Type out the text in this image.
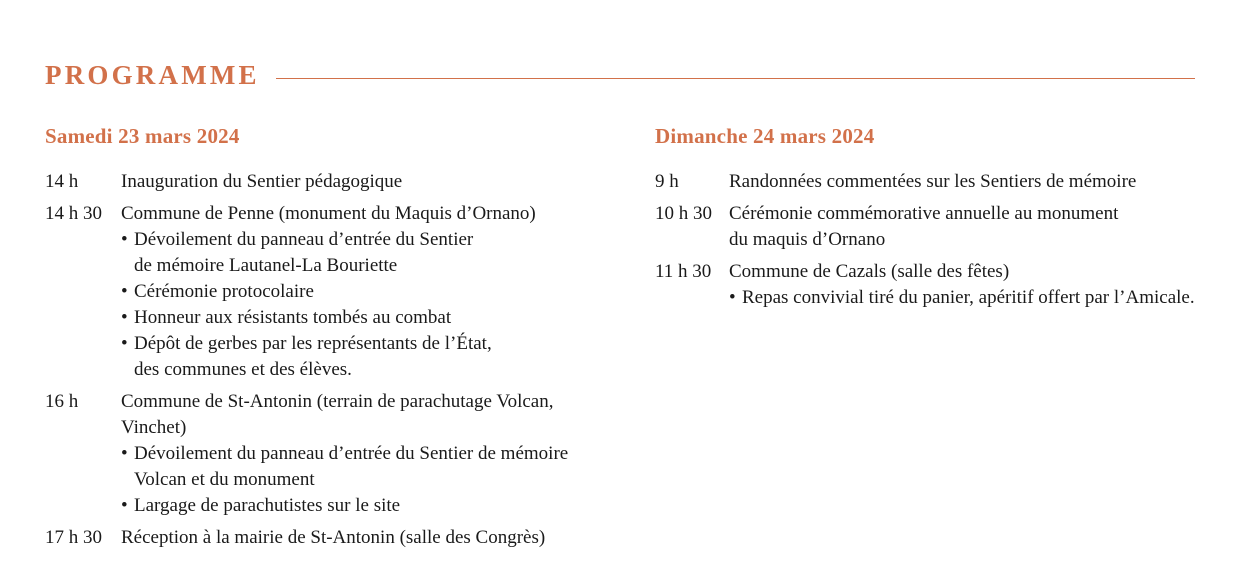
PROGRAMME
Samedi 23 mars 2024
14 h	Inauguration du Sentier pédagogique
14 h 30	Commune de Penne (monument du Maquis d’Ornano)
• Dévoilement du panneau d’entrée du Sentier
de mémoire Lautanel-La Bouriette
• Cérémonie protocolaire
• Honneur aux résistants tombés au combat
• Dépôt de gerbes par les représentants de l’État,
des communes et des élèves.
16 h	Commune de St-Antonin (terrain de parachutage Volcan,
Vinchet)
• Dévoilement du panneau d’entrée du Sentier de mémoire
Volcan et du monument
• Largage de parachutistes sur le site
17 h 30	Réception à la mairie de St-Antonin (salle des Congrès)
Dimanche 24 mars 2024
9 h	Randonnées commentées sur les Sentiers de mémoire
10 h 30 Cérémonie commémorative annuelle au monument
du maquis d’Ornano
11 h 30 Commune de Cazals (salle des fêtes)
• Repas convivial tiré du panier, apéritif offert par l’Amicale.
